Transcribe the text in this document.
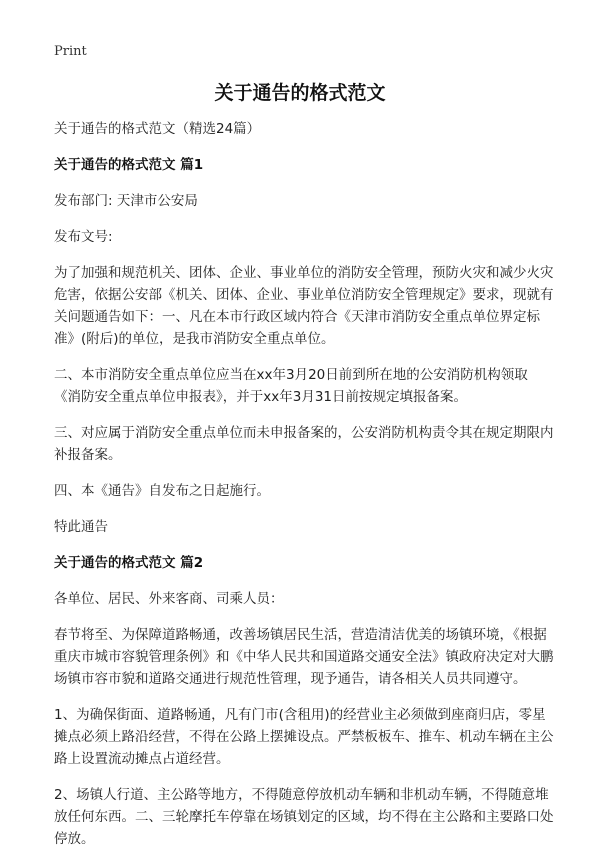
Print
关于通告的格式范文

关于通告的格式范文（精选24篇）

关于通告的格式范文 篇1

发布部门: 天津市公安局

发布文号:

为了加强和规范机关、团体、企业、事业单位的消防安全管理，预防火灾和减少火灾危害，依据公安部《机关、团体、企业、事业单位消防安全管理规定》要求，现就有关问题通告如下：一、凡在本市行政区域内符合《天津市消防安全重点单位界定标准》(附后)的单位，是我市消防安全重点单位。

二、本市消防安全重点单位应当在xx年3月20日前到所在地的公安消防机构领取《消防安全重点单位申报表》，并于xx年3月31日前按规定填报备案。

三、对应属于消防安全重点单位而未申报备案的，公安消防机构责令其在规定期限内补报备案。

四、本《通告》自发布之日起施行。

特此通告

关于通告的格式范文 篇2

各单位、居民、外来客商、司乘人员：

春节将至、为保障道路畅通，改善场镇居民生活，营造清洁优美的场镇环境，《根据重庆市城市容貌管理条例》和《中华人民共和国道路交通安全法》镇政府决定对大鹏场镇市容市貌和道路交通进行规范性管理，现予通告，请各相关人员共同遵守。

1、为确保街面、道路畅通，凡有门市(含租用)的经营业主必须做到座商归店，零星摊点必须上路沿经营，不得在公路上摆摊设点。严禁板板车、推车、机动车辆在主公路上设置流动摊点占道经营。

2、场镇人行道、主公路等地方，不得随意停放机动车辆和非机动车辆，不得随意堆放任何东西。二、三轮摩托车停靠在场镇划定的区域，均不得在主公路和主要路口处停放。
